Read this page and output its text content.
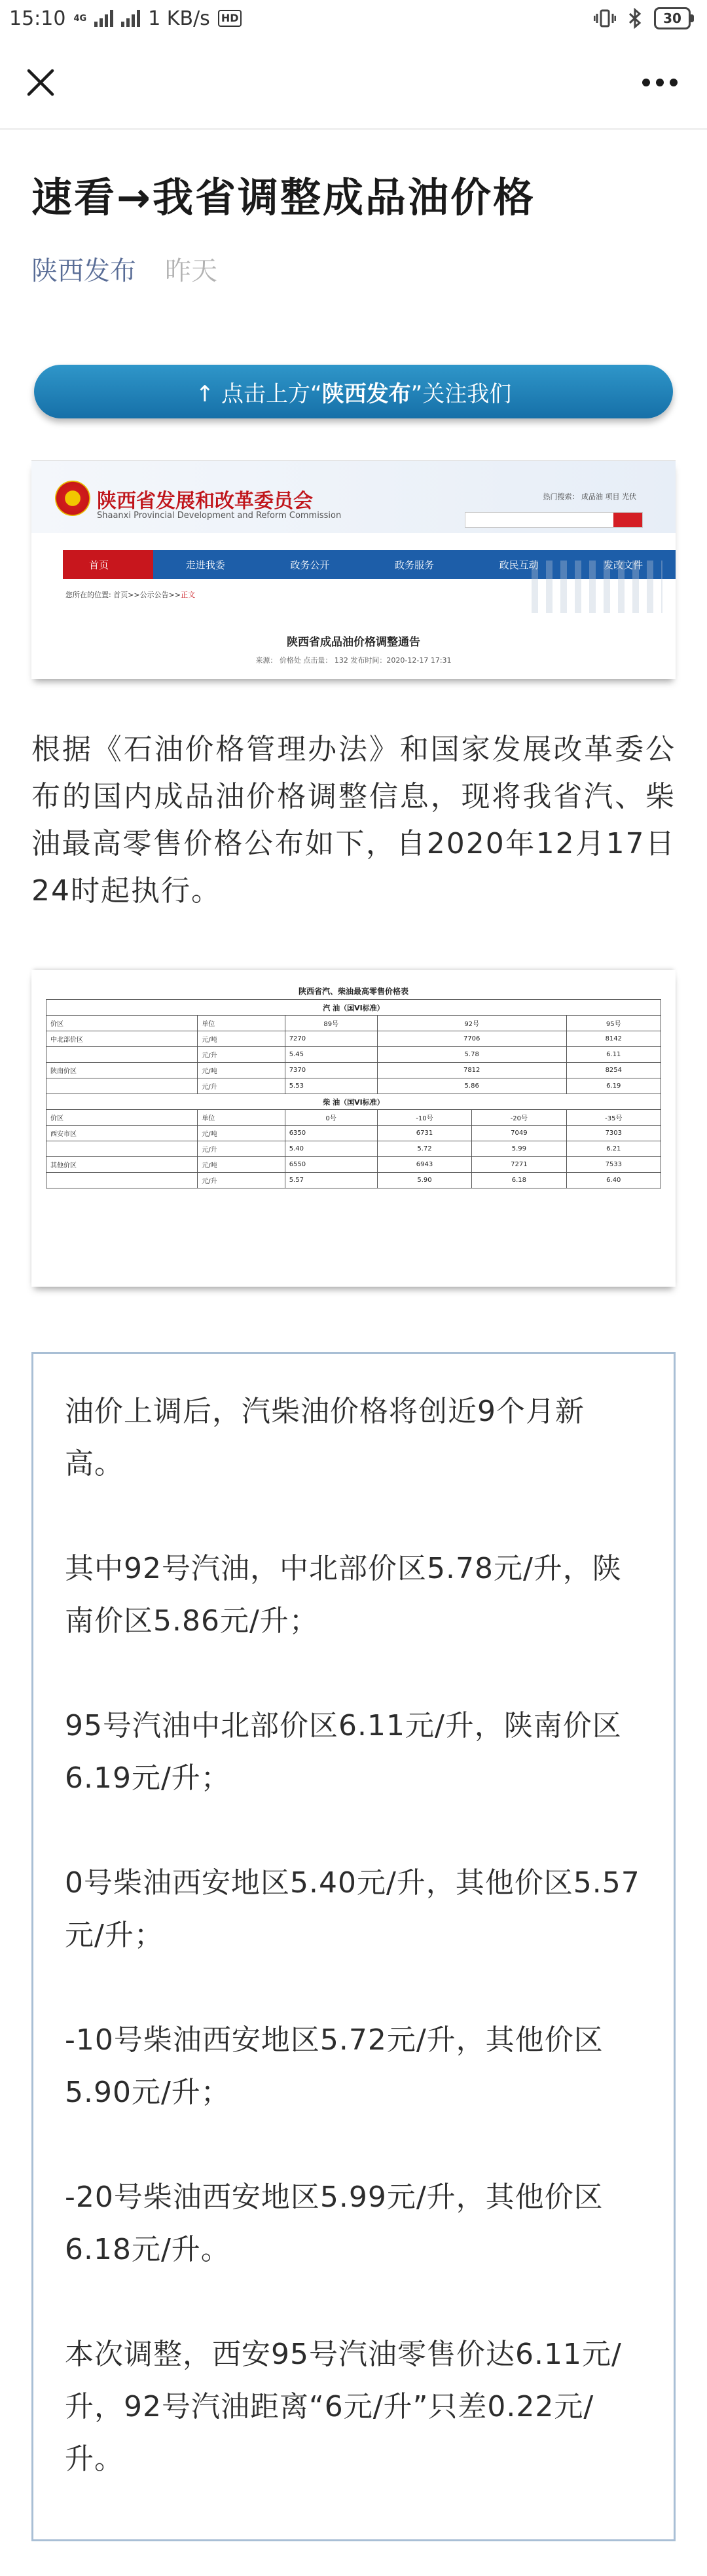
15:10 4G	1 KB/s	HD	30
速看→我省调整成品油价格
陕西发布 昨天
↑ 点击上方“ 陕西发布 ”关注我们
陕西省发展和改革委员会
Shaanxi Provincial Development and Reform Commission
热门搜索： 成品油 项目 光伏
首页	走进我委	政务公开	政务服务	政民互动	发改文件
您所在的位置: 首页>>公示公告>>正文
陕西省成品油价格调整通告
来源： 价格处 点击量： 132 发布时间：2020-12-17 17:31

根据《石油价格管理办法》和国家发展改革委公布的国内成品油价格调整信息，现将我省汽、柴油最高零售价格公布如下，自2020年12月17日24时起执行。

陕西省汽、柴油最高零售价格表
汽 油（国VI标准）					
价区	单位	89号	92号		95号
中北部价区	元/吨	7270	7706		8142
	元/升	5.45	5.78		6.11
陕南价区	元/吨	7370	7812		8254
	元/升	5.53	5.86		6.19
柴 油（国VI标准）					
价区	单位	0号	-10号	-20号	-35号
西安市区	元/吨	6350	6731	7049	7303
	元/升	5.40	5.72	5.99	6.21
其他价区	元/吨	6550	6943	7271	7533
	元/升	5.57	5.90	6.18	6.40

油价上调后，汽柴油价格将创近9个月新高。

其中92号汽油，中北部价区5.78元/升，陕南价区5.86元/升；

95号汽油中北部价区6.11元/升，陕南价区6.19元/升；

0号柴油西安地区5.40元/升，其他价区5.57元/升；

-10号柴油西安地区5.72元/升，其他价区5.90元/升；

-20号柴油西安地区5.99元/升，其他价区6.18元/升。

本次调整，西安95号汽油零售价达6.11元/升，92号汽油距离“6元/升”只差0.22元/升。
